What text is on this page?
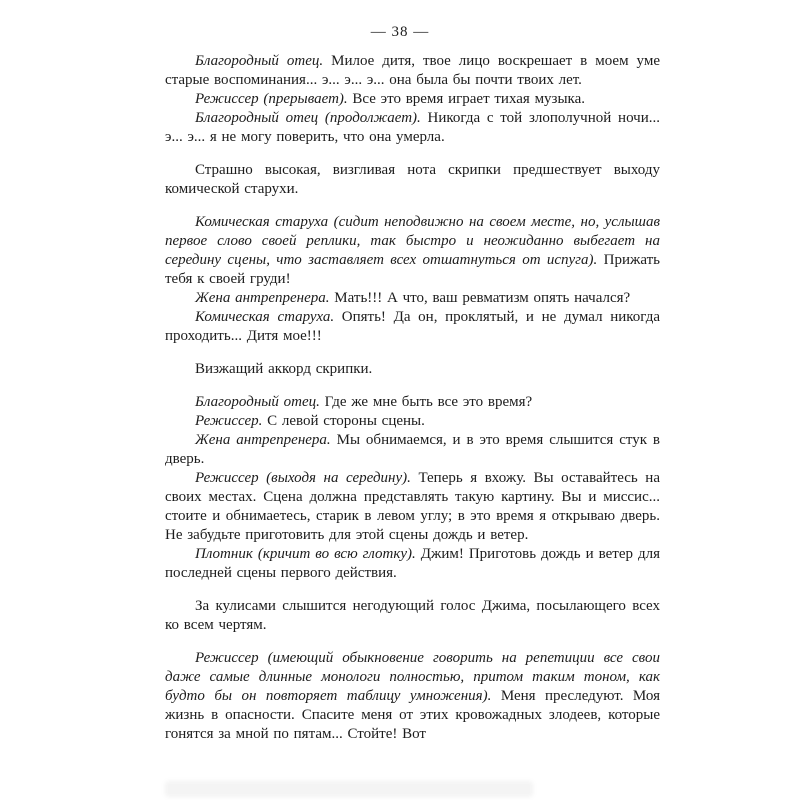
— 38 —

Благородный отец. Милое дитя, твое лицо воскрешает в моем уме старые воспоминания... э... э... э... она была бы почти твоих лет.

Режиссер (прерывает). Все это время играет тихая музыка.

Благородный отец (продолжает). Никогда с той злополучной ночи... э... э... я не могу поверить, что она умерла.

Страшно высокая, визгливая нота скрипки предшествует выходу комической старухи.

Комическая старуха (сидит неподвижно на своем месте, но, услышав первое слово своей реплики, так быстро и неожиданно выбегает на середину сцены, что заставляет всех отшатнуться от испуга). Прижать тебя к своей груди!

Жена антрепренера. Мать!!! А что, ваш ревматизм опять начался?

Комическая старуха. Опять! Да он, проклятый, и не думал никогда проходить... Дитя мое!!!

Визжащий аккорд скрипки.

Благородный отец. Где же мне быть все это время?

Режиссер. С левой стороны сцены.

Жена антрепренера. Мы обнимаемся, и в это время слышится стук в дверь.

Режиссер (выходя на середину). Теперь я вхожу. Вы оставайтесь на своих местах. Сцена должна представлять такую картину. Вы и миссис... стоите и обнимаетесь, старик в левом углу; в это время я открываю дверь. Не забудьте приготовить для этой сцены дождь и ветер.

Плотник (кричит во всю глотку). Джим! Приготовь дождь и ветер для последней сцены первого действия.

За кулисами слышится негодующий голос Джима, посылающего всех ко всем чертям.

Режиссер (имеющий обыкновение говорить на репетиции все свои даже самые длинные монологи полностью, притом таким тоном, как будто бы он повторяет таблицу умножения). Меня преследуют. Моя жизнь в опасности. Спасите меня от этих кровожадных злодеев, которые гонятся за мной по пятам... Стойте! Вот
